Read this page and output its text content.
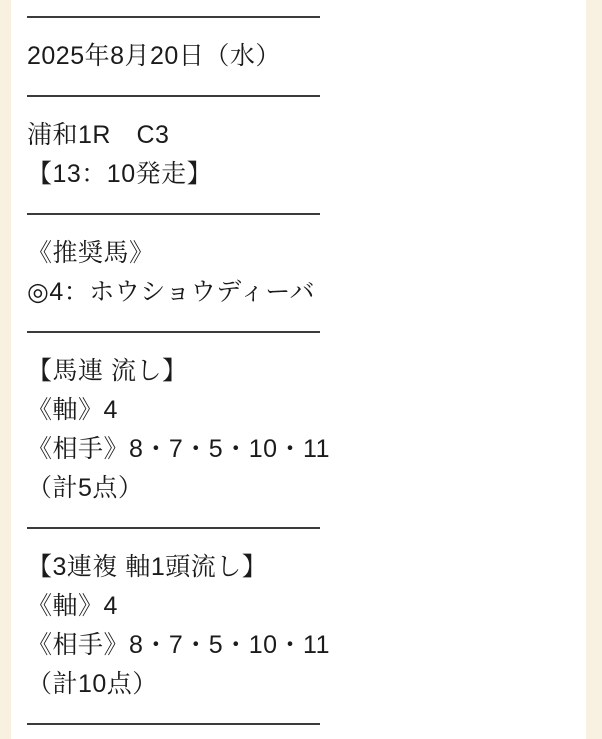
2025年8月20日（水）
浦和1R　C3
【13：10発走】
《推奨馬》
◎4：ホウショウディーバ
【馬連 流し】
《軸》4
《相手》8・7・5・10・11
（計5点）
【3連複 軸1頭流し】
《軸》4
《相手》8・7・5・10・11
（計10点）
